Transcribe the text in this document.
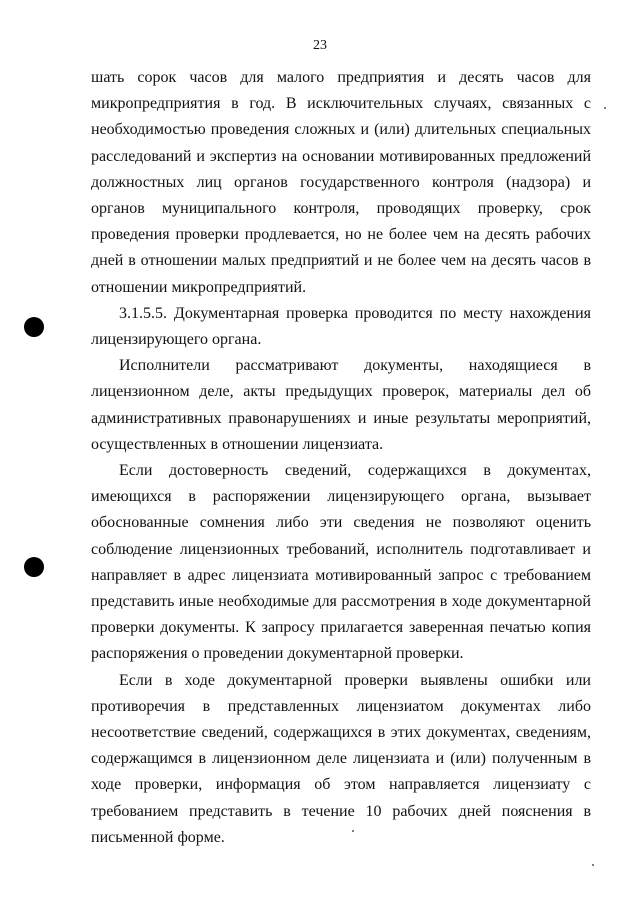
23

шать сорок часов для малого предприятия и десять часов для микропредприятия в год. В исключительных случаях, связанных с необходимостью проведения сложных и (или) длительных специальных расследований и экспертиз на основании мотивированных предложений должностных лиц органов государственного контроля (надзора) и органов муниципального контроля, проводящих проверку, срок проведения проверки продлевается, но не более чем на десять рабочих дней в отношении малых предприятий и не более чем на десять часов в отношении микропредприятий.

3.1.5.5. Документарная проверка проводится по месту нахождения лицензирующего органа.

Исполнители рассматривают документы, находящиеся в лицензионном деле, акты предыдущих проверок, материалы дел об административных правонарушениях и иные результаты мероприятий, осуществленных в отношении лицензиата.

Если достоверность сведений, содержащихся в документах, имеющихся в распоряжении лицензирующего органа, вызывает обоснованные сомнения либо эти сведения не позволяют оценить соблюдение лицензионных требований, исполнитель подготавливает и направляет в адрес лицензиата мотивированный запрос с требованием представить иные необходимые для рассмотрения в ходе документарной проверки документы. К запросу прилагается заверенная печатью копия распоряжения о проведении документарной проверки.

Если в ходе документарной проверки выявлены ошибки или противоречия в представленных лицензиатом документах либо несоответствие сведений, содержащихся в этих документах, сведениям, содержащимся в лицензионном деле лицензиата и (или) полученным в ходе проверки, информация об этом направляется лицензиату с требованием представить в течение 10 рабочих дней пояснения в письменной форме.
